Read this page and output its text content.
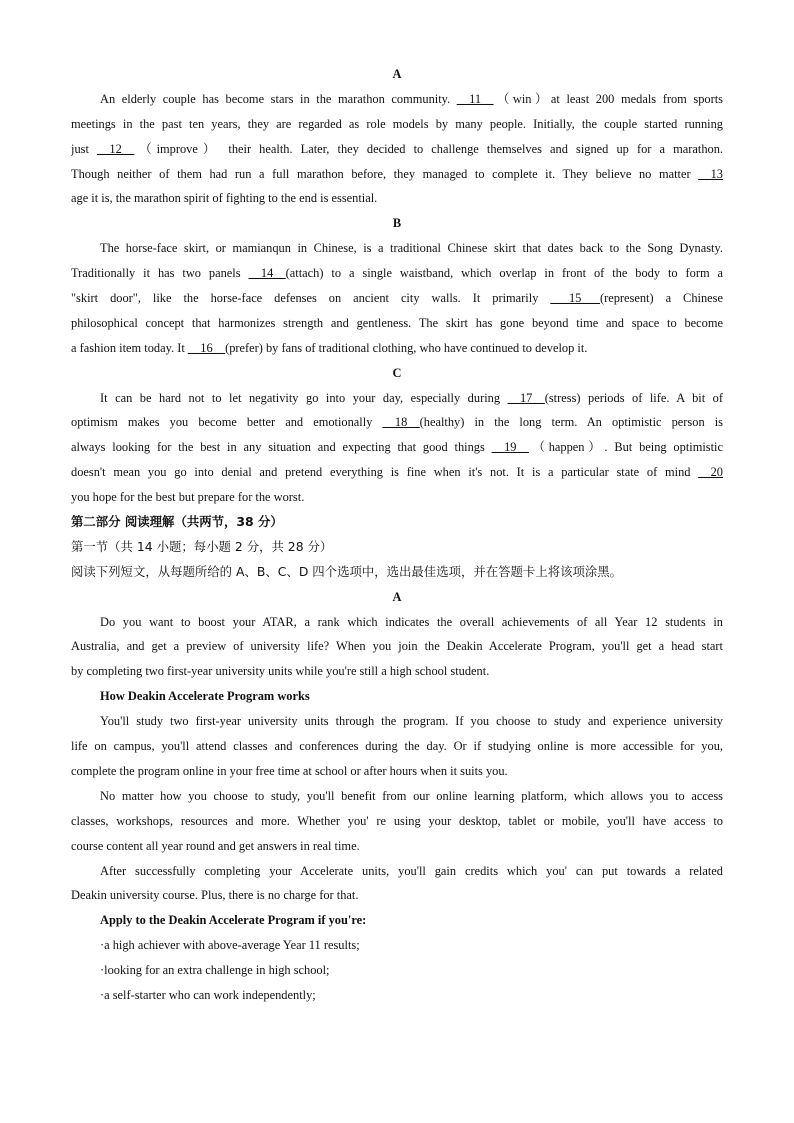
A
An elderly couple has become stars in the marathon community. __11__（win）at least 200 medals from sports
meetings in the past ten years, they are regarded as role models by many people. Initially, the couple started running
just __12__（improve） their health. Later, they decided to challenge themselves and signed up for a marathon.
Though neither of them had run a full marathon before, they managed to complete it. They believe no matter __13
age it is, the marathon spirit of fighting to the end is essential.
B
The horse-face skirt, or mamianqun in Chinese, is a traditional Chinese skirt that dates back to the Song Dynasty.
Traditionally it has two panels __14__(attach) to a single waistband, which overlap in front of the body to form a
"skirt door", like the horse-face defenses on ancient city walls. It primarily ___15___(represent) a Chinese
philosophical concept that harmonizes strength and gentleness. The skirt has gone beyond time and space to become
a fashion item today. It __16__(prefer) by fans of traditional clothing, who have continued to develop it.
C
It can be hard not to let negativity go into your day, especially during __17__(stress) periods of life. A bit of
optimism makes you become better and emotionally __18__(healthy) in the long term. An optimistic person is
always looking for the best in any situation and expecting that good things __19__（happen）. But being optimistic
doesn't mean you go into denial and pretend everything is fine when it's not. It is a particular state of mind __20
you hope for the best but prepare for the worst.
第二部分 阅读理解（共两节，38 分）
第一节（共 14 小题；每小题 2 分，共 28 分）
阅读下列短文，从每题所给的 A、B、C、D 四个选项中，选出最佳选项，并在答题卡上将该项涂黑。
A
Do you want to boost your ATAR, a rank which indicates the overall achievements of all Year 12 students in
Australia, and get a preview of university life? When you join the Deakin Accelerate Program, you'll get a head start
by completing two first-year university units while you're still a high school student.
How Deakin Accelerate Program works
You'll study two first-year university units through the program. If you choose to study and experience university
life on campus, you'll attend classes and conferences during the day. Or if studying online is more accessible for you,
complete the program online in your free time at school or after hours when it suits you.
No matter how you choose to study, you'll benefit from our online learning platform, which allows you to access
classes, workshops, resources and more. Whether you' re using your desktop, tablet or mobile, you'll have access to
course content all year round and get answers in real time.
After successfully completing your Accelerate units, you'll gain credits which you' can put towards a related
Deakin university course. Plus, there is no charge for that.
Apply to the Deakin Accelerate Program if you're:
·a high achiever with above-average Year 11 results;
·looking for an extra challenge in high school;
·a self-starter who can work independently;
